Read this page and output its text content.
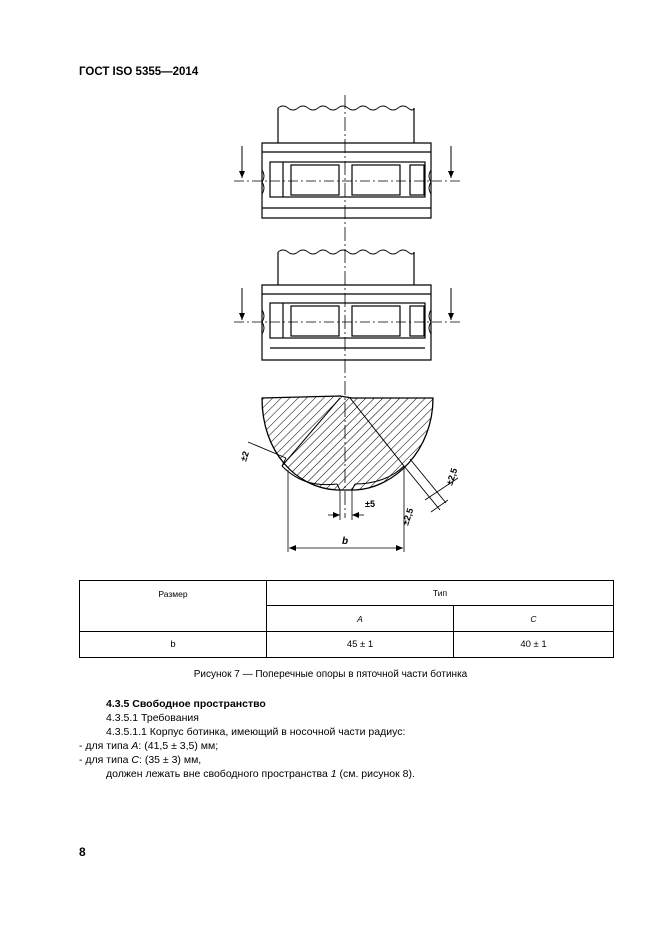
ГОСТ ISO 5355—2014
±2
±5
±2,5
±2,5
b
Размер	Тип	
	A	C
b	45 ± 1	40 ± 1
Рисунок 7 — Поперечные опоры в пяточной части ботинка
4.3.5 Свободное пространство
4.3.5.1 Требования
4.3.5.1.1 Корпус ботинка, имеющий в носочной части радиус:
- для типа A: (41,5 ± 3,5) мм;
- для типа C: (35 ± 3) мм,
должен лежать вне свободного пространства 1 (см. рисунок 8).
8
